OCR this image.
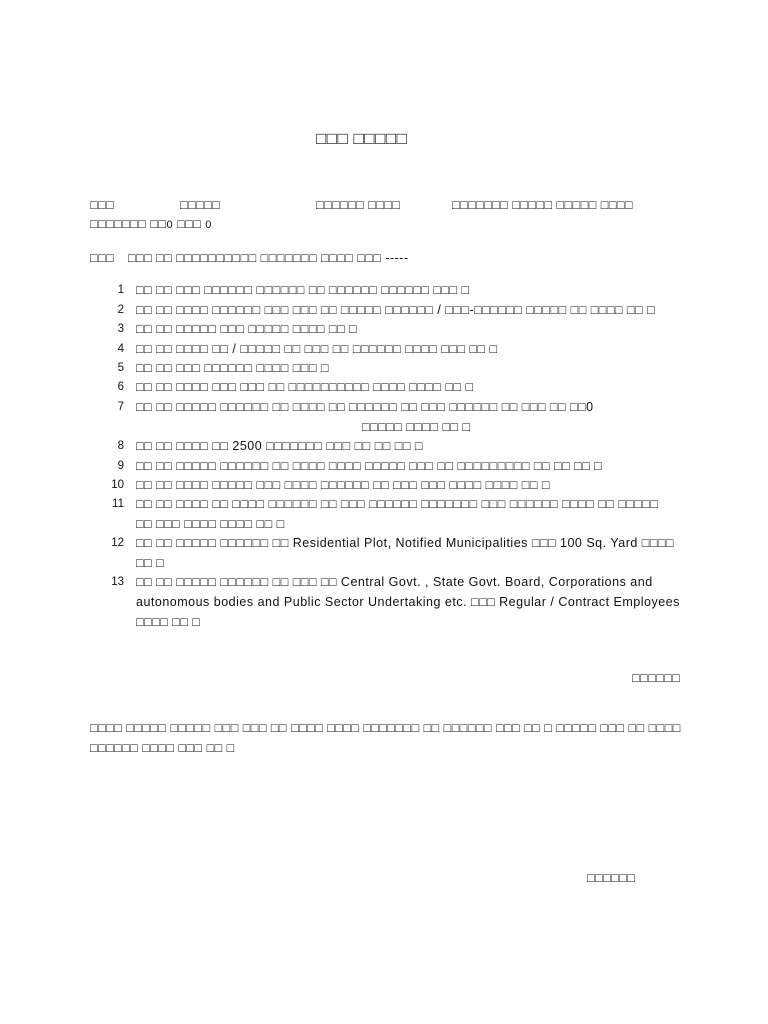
□□□ □□□□□
□□□	□□□□□	□□□□□□ □□□□	□□□□□□□ □□□□□ □□□□□ □□□□
□□□□□□□ □□0 □□□ 0
□□□ □□□ □□ □□□□□□□□□□ □□□□□□□ □□□□ □□□ -----
1 □□ □□ □□□ □□□□□□ □□□□□□ □□ □□□□□□ □□□□□□ □□□ □
2 □□ □□ □□□□ □□□□□□ □□□ □□□ □□ □□□□□ □□□□□□ / □□□-□□□□□□ □□□□□ □□ □□□□ □□ □
3 □□ □□ □□□□□ □□□ □□□□□ □□□□ □□ □
4 □□ □□ □□□□ □□ / □□□□□ □□ □□□ □□ □□□□□□ □□□□ □□□ □□ □
5 □□ □□ □□□ □□□□□□ □□□□ □□□ □
6 □□ □□ □□□□ □□□ □□□ □□ □□□□□□□□□□ □□□□ □□□□ □□ □
7 □□ □□ □□□□□ □□□□□□ □□ □□□□ □□ □□□□□□ □□ □□□ □□□□□□ □□ □□□ □□ □□0
□□□□□ □□□□ □□ □
8 □□ □□ □□□□ □□ 2500 □□□□□□□ □□□ □□ □□ □□ □
9 □□ □□ □□□□□ □□□□□□ □□ □□□□ □□□□ □□□□□ □□□ □□ □□□□□□□□□ □□ □□ □□ □
10 □□ □□ □□□□ □□□□□ □□□ □□□□ □□□□□□ □□ □□□ □□□ □□□□ □□□□ □□ □
11 □□ □□ □□□□ □□ □□□□ □□□□□□ □□ □□□ □□□□□□ □□□□□□□ □□□ □□□□□□ □□□□ □□ □□□□□
□□ □□□ □□□□ □□□□ □□ □
12 □□ □□ □□□□□ □□□□□□ □□ Residential Plot, Notified Municipalities □□□ 100 Sq. Yard □□□□
□□ □
13 □□ □□ □□□□□ □□□□□□ □□ □□□ □□ Central Govt. , State Govt. Board, Corporations and
autonomous bodies and Public Sector Undertaking etc. □□□ Regular / Contract Employees
□□□□ □□ □
□□□□□□
□□□□ □□□□□ □□□□□ □□□ □□□ □□ □□□□ □□□□ □□□□□□□ □□ □□□□□□ □□□ □□ □ □□□□□ □□□ □□ □□□□
□□□□□□ □□□□ □□□ □□ □
□□□□□□
